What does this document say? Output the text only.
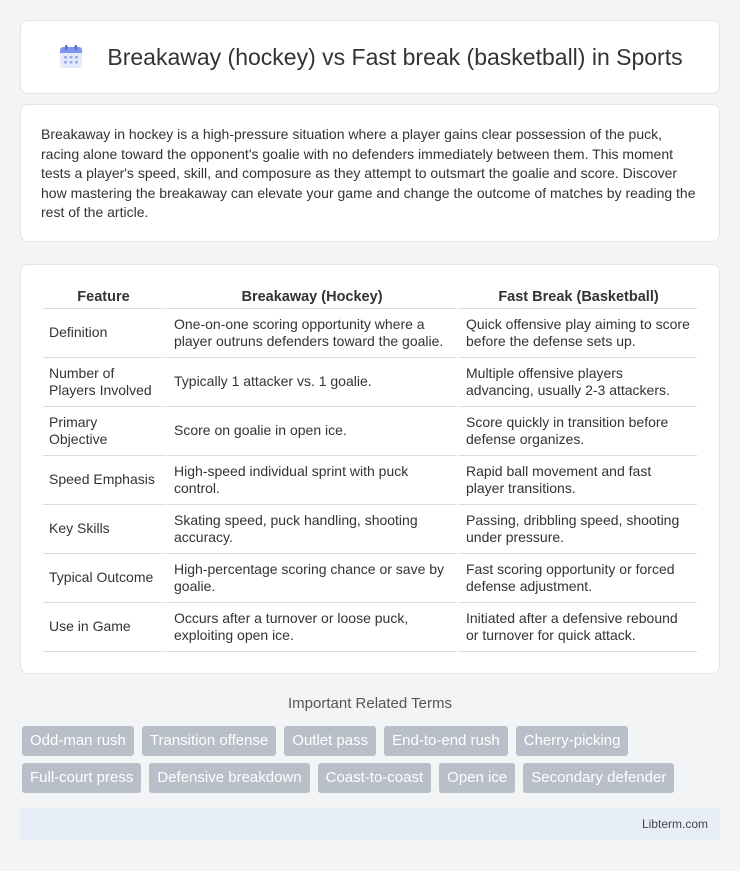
Breakaway (hockey) vs Fast break (basketball) in Sports

Breakaway in hockey is a high-pressure situation where a player gains clear possession of the puck, racing alone toward the opponent's goalie with no defenders immediately between them. This moment tests a player's speed, skill, and composure as they attempt to outsmart the goalie and score. Discover how mastering the breakaway can elevate your game and change the outcome of matches by reading the rest of the article.

Feature	Breakaway (Hockey)	Fast Break (Basketball)
Definition	One-on-one scoring opportunity where a player outruns defenders toward the goalie.	Quick offensive play aiming to score before the defense sets up.
Number of Players Involved	Typically 1 attacker vs. 1 goalie.	Multiple offensive players advancing, usually 2-3 attackers.
Primary Objective	Score on goalie in open ice.	Score quickly in transition before defense organizes.
Speed Emphasis	High-speed individual sprint with puck control.	Rapid ball movement and fast player transitions.
Key Skills	Skating speed, puck handling, shooting accuracy.	Passing, dribbling speed, shooting under pressure.
Typical Outcome	High-percentage scoring chance or save by goalie.	Fast scoring opportunity or forced defense adjustment.
Use in Game	Occurs after a turnover or loose puck, exploiting open ice.	Initiated after a defensive rebound or turnover for quick attack.
Important Related Terms
Odd-man rush	Transition offense	Outlet pass	End-to-end rush	Cherry-picking
Full-court press	Defensive breakdown	Coast-to-coast	Open ice	Secondary defender
Libterm.com
